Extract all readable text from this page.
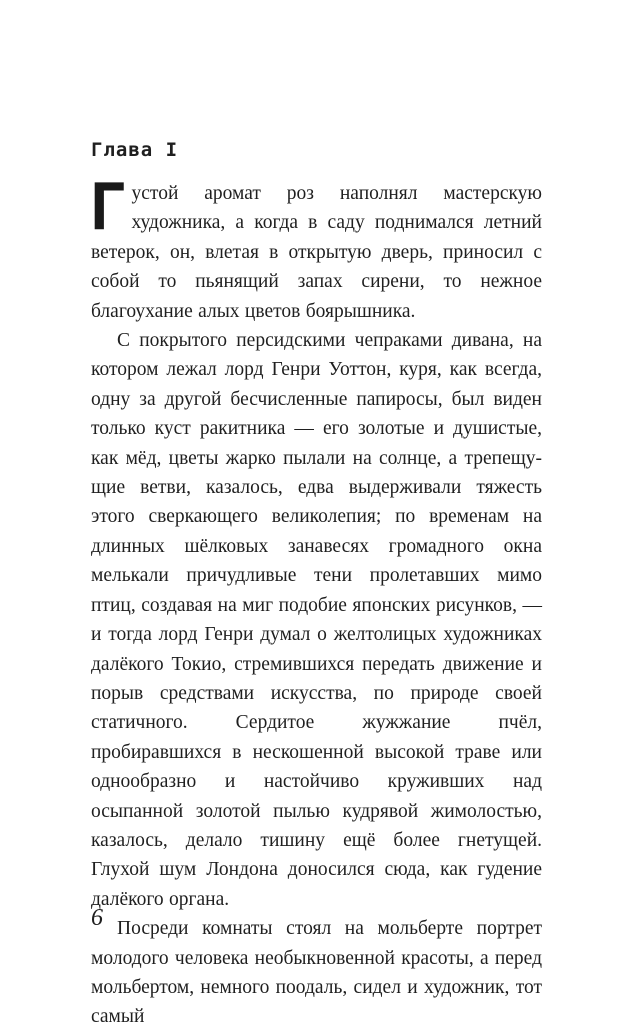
Глава I

Густой аромат роз наполнял мастерскую художника, а когда в саду поднимался летний ветерок, он, влетая в открытую дверь, приносил с собой то пьянящий запах сирени, то нежное благоухание алых цветов боярышника.

С покрытого персидскими чепраками дивана, на котором лежал лорд Генри Уоттон, куря, как всегда, одну за другой бесчисленные папиросы, был виден только куст ракитника — его золотые и душистые, как мёд, цветы жарко пылали на солнце, а трепещущие ветви, казалось, едва выдерживали тяжесть этого сверкающего великолепия; по временам на длинных шёлковых занавесях громадного окна мелькали причудливые тени пролетавших мимо птиц, создавая на миг подобие японских рисунков, — и тогда лорд Генри думал о желтолицых художниках далёкого Токио, стремившихся передать движение и порыв средствами искусства, по природе своей статичного. Сердитое жужжание пчёл, пробиравшихся в нескошенной высокой траве или однообразно и настойчиво круживших над осыпанной золотой пылью кудрявой жимолостью, казалось, делало тишину ещё более гнетущей. Глухой шум Лондона доносился сюда, как гудение далёкого органа.

Посреди комнаты стоял на мольберте портрет молодого человека необыкновенной красоты, а перед мольбертом, немного поодаль, сидел и художник, тот самый

6
